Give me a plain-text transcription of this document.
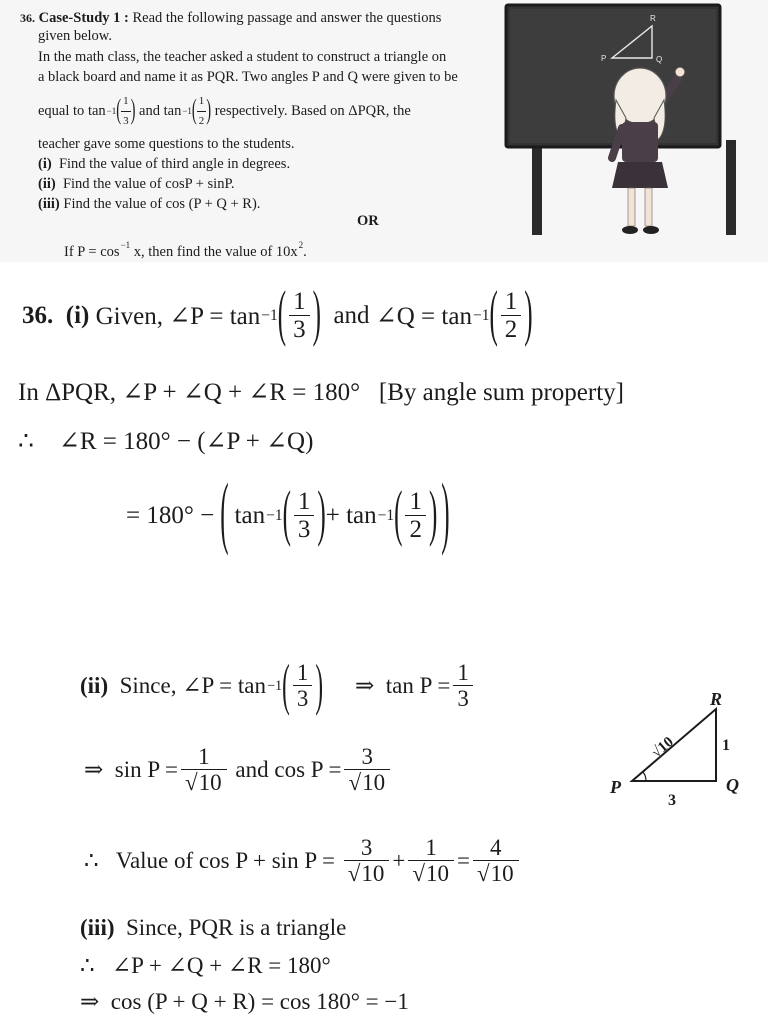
36. Case-Study 1 : Read the following passage and answer the questions
given below.
In the math class, the teacher asked a student to construct a triangle on
a black board and name it as PQR. Two angles P and Q were given to be
equal to
tan −1 ( $\frac{1}{3}$ )
and
tan −1 ( $\frac{1}{2}$ )
respectively. Based on ΔPQR, the
teacher gave some questions to the students.
(i) Find the value of third angle in degrees.
(ii) Find the value of cosP + sinP.
(iii) Find the value of cos (P + Q + R).
OR
If $P = \cos^{-1} x$, then find the value of $10x^2$.
R
P	Q
36.
(i)
Given, ∠P = tan −1 ( $\frac{1}{3}$ )
and
∠Q = tan −1 ( $\frac{1}{2}$ )
In ΔPQR, ∠P + ∠Q + ∠R = 180° [By angle sum property]
∴ ∠R = 180° − (∠P + ∠Q)
= 180° − ( tan −1 ( $\frac{1}{3}$ ) + tan −1 ( $\frac{1}{2}$ ) )
(ii)
Since, ∠P = tan −1 ( $\frac{1}{3}$ ) ⇒
$\tan P = \frac{1}{3}$
⇒
$\sin P = \frac{1}{√10}$
and
$\cos P = \frac{3}{√10}$
R
P	Q
1
3
√10
∴
Value of cos P + sin P =
$\frac{3}{√10} + \frac{1}{√10} = \frac{4}{√10}$
(iii) Since, PQR is a triangle
∴ ∠P + ∠Q + ∠R = 180°
⇒ cos (P + Q + R) = cos 180° = −1
